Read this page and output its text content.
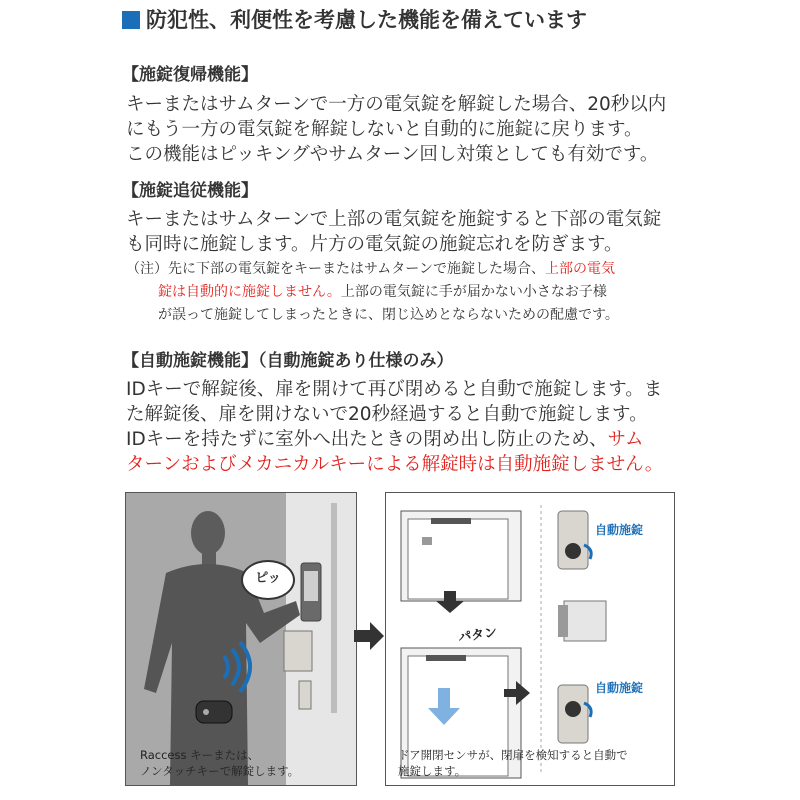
防犯性、利便性を考慮した機能を備えています
【施錠復帰機能】
キーまたはサムターンで一方の電気錠を解錠した場合、20秒以内
にもう一方の電気錠を解錠しないと自動的に施錠に戻ります。
この機能はピッキングやサムターン回し対策としても有効です。
【施錠追従機能】
キーまたはサムターンで上部の電気錠を施錠すると下部の電気錠
も同時に施錠します。片方の電気錠の施錠忘れを防ぎます。
（注）先に下部の電気錠をキーまたはサムターンで施錠した場合、上部の電気
錠は自動的に施錠しません。上部の電気錠に手が届かない小さなお子様
が誤って施錠してしまったときに、閉じ込めとならないための配慮です。
【自動施錠機能】（自動施錠あり仕様のみ）
IDキーで解錠後、扉を開けて再び閉めると自動で施錠します。ま
た解錠後、扉を開けないで20秒経過すると自動で施錠します。
IDキーを持たずに室外へ出たときの閉め出し防止のため、サム
ターンおよびメカニカルキーによる解錠時は自動施錠しません。
ピッ
Raccess キーまたは、
ノンタッチキーで解錠します。
自動施錠
自動施錠
パタン
ドア開閉センサが、閉扉を検知すると自動で
施錠します。
